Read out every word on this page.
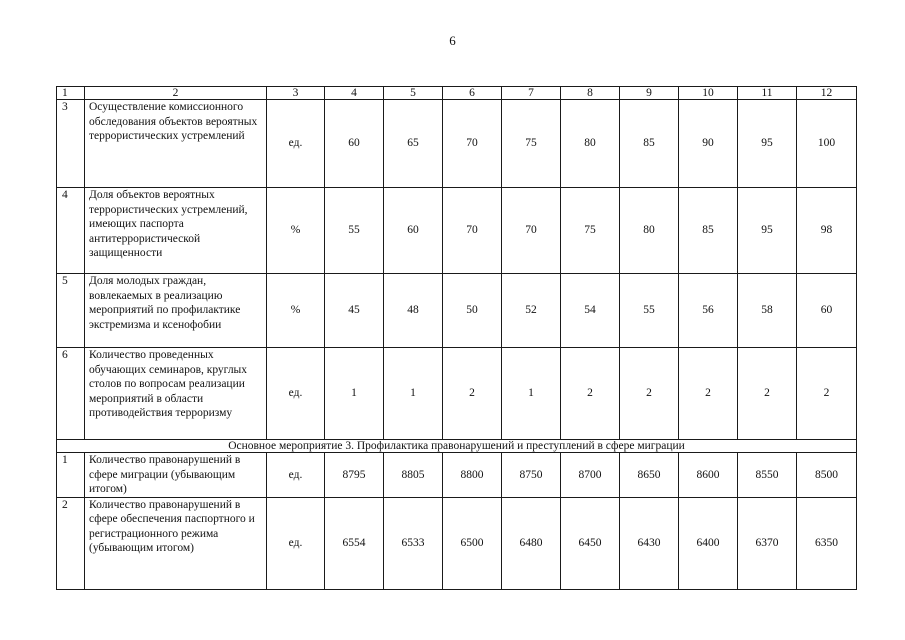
6
1	2	3	4	5	6	7	8	9	10	11	12
3	Осуществление комиссионного обследования объектов вероятных террористических устремлений	ед.	60	65	70	75	80	85	90	95	100
4	Доля объектов вероятных террористических устремлений, имеющих паспорта антитеррористической защищенности	%	55	60	70	70	75	80	85	95	98
5	Доля молодых граждан, вовлекаемых в реализацию мероприятий по профилактике экстремизма и ксенофобии	%	45	48	50	52	54	55	56	58	60
6	Количество проведенных обучающих семинаров, круглых столов по вопросам реализации мероприятий в области противодействия терроризму	ед.	1	1	2	1	2	2	2	2	2
Основное мероприятие 3. Профилактика правонарушений и преступлений в сфере миграции											
1	Количество правонарушений в сфере миграции (убывающим итогом)	ед.	8795	8805	8800	8750	8700	8650	8600	8550	8500
2	Количество правонарушений в сфере обеспечения паспортного и регистрационного режима (убывающим итогом)	ед.	6554	6533	6500	6480	6450	6430	6400	6370	6350
